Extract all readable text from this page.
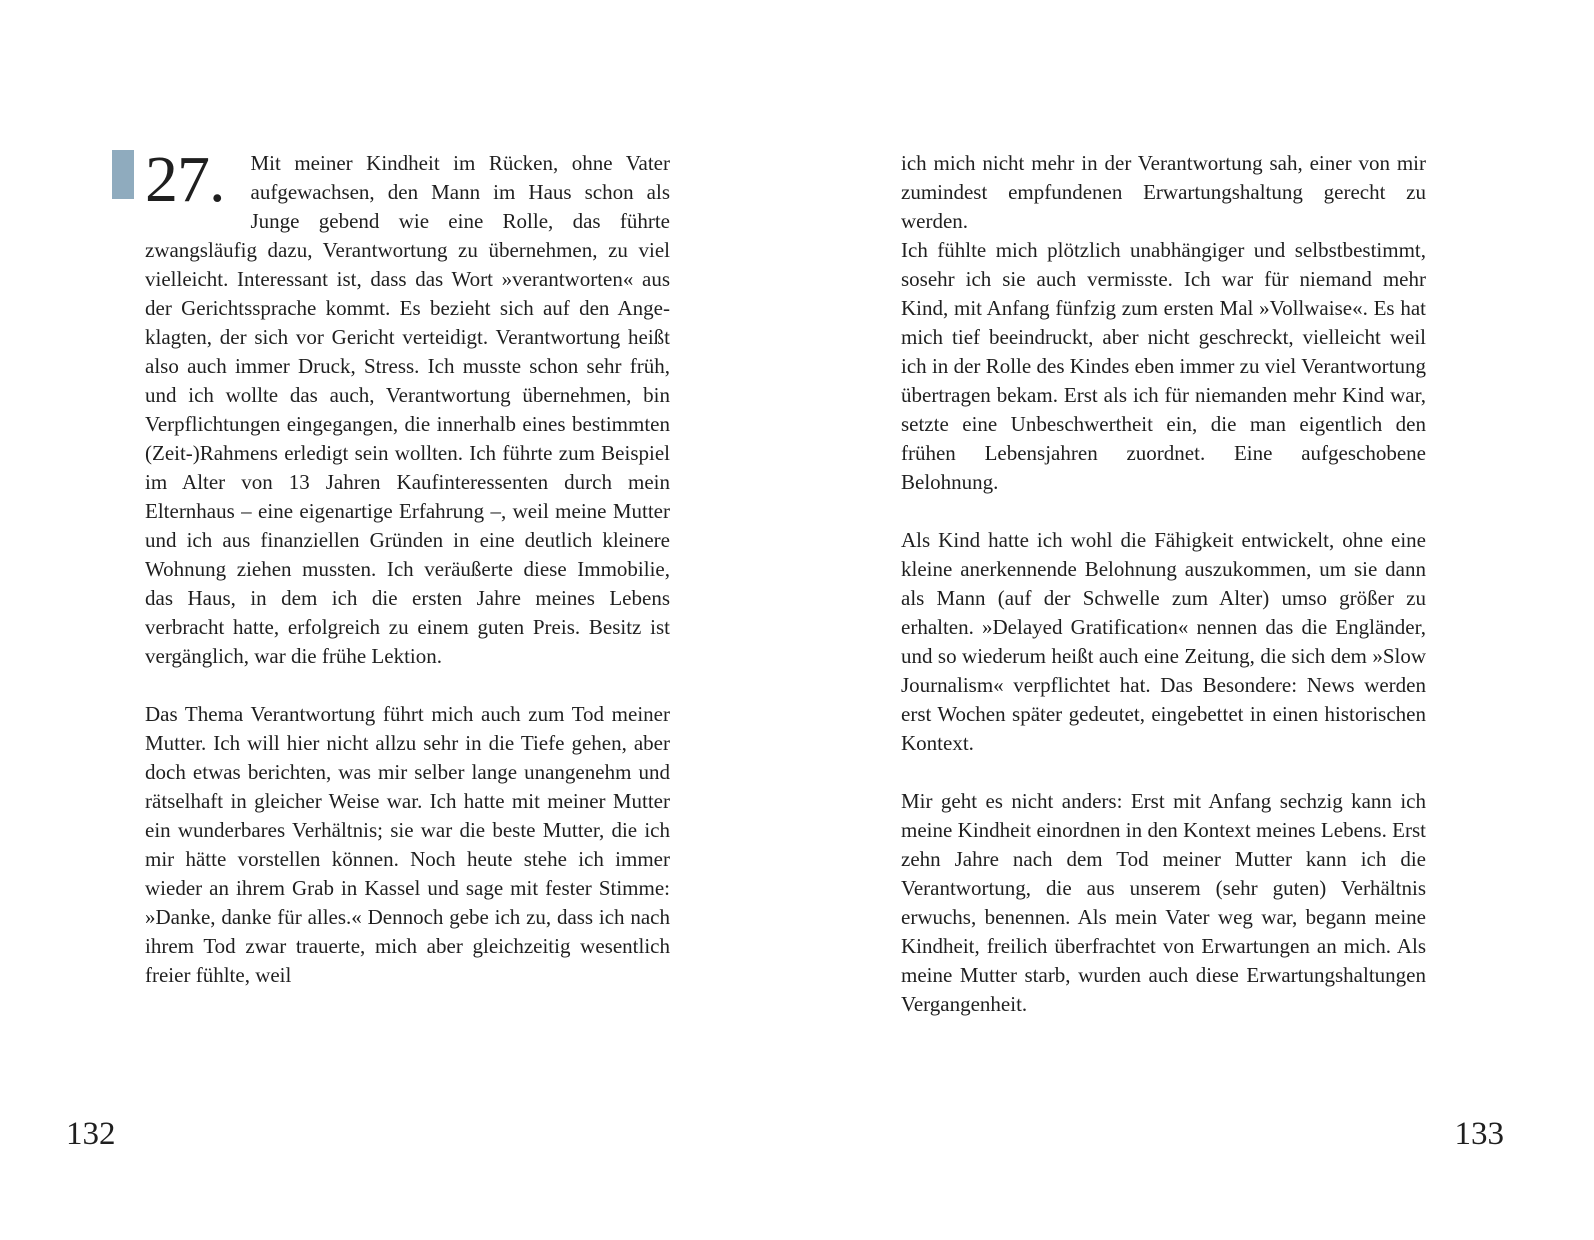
27.	Mit meiner Kindheit im Rücken, ohne Vater aufgewachsen, den Mann im Haus schon als Junge gebend wie eine Rolle, das führte zwangsläufig dazu, Verantwortung zu übernehmen, zu viel vielleicht. Interessant ist, dass das Wort »verantworten« aus der Gerichtssprache kommt. Es bezieht sich auf den Angeklagten, der sich vor Gericht verteidigt. Verantwortung heißt also auch immer Druck, Stress. Ich musste schon sehr früh, und ich wollte das auch, Verantwortung übernehmen, bin Verpflichtungen eingegangen, die innerhalb eines bestimmten (Zeit-)Rahmens erledigt sein wollten. Ich führte zum Beispiel im Alter von 13 Jahren Kaufinteressenten durch mein Elternhaus – eine eigenartige Erfahrung –, weil meine Mutter und ich aus finanziellen Gründen in eine deutlich kleinere Wohnung ziehen mussten. Ich veräußerte diese Immobilie, das Haus, in dem ich die ersten Jahre meines Lebens verbracht hatte, erfolgreich zu einem guten Preis. Besitz ist vergänglich, war die frühe Lektion.

Das Thema Verantwortung führt mich auch zum Tod meiner Mutter. Ich will hier nicht allzu sehr in die Tiefe gehen, aber doch etwas berichten, was mir selber lange unangenehm und rätselhaft in gleicher Weise war. Ich hatte mit meiner Mutter ein wunderbares Verhältnis; sie war die beste Mutter, die ich mir hätte vorstellen können. Noch heute stehe ich immer wieder an ihrem Grab in Kassel und sage mit fester Stimme: »Danke, danke für alles.« Dennoch gebe ich zu, dass ich nach ihrem Tod zwar trauerte, mich aber gleichzeitig wesentlich freier fühlte, weil

132

ich mich nicht mehr in der Verantwortung sah, einer von mir zumindest empfundenen Erwartungshaltung gerecht zu werden.

Ich fühlte mich plötzlich unabhängiger und selbstbestimmt, sosehr ich sie auch vermisste. Ich war für niemand mehr Kind, mit Anfang fünfzig zum ersten Mal »Vollwaise«. Es hat mich tief beeindruckt, aber nicht geschreckt, vielleicht weil ich in der Rolle des Kindes eben immer zu viel Verantwortung übertragen bekam. Erst als ich für niemanden mehr Kind war, setzte eine Unbeschwertheit ein, die man eigentlich den frühen Lebensjahren zuordnet. Eine aufgeschobene Belohnung.

Als Kind hatte ich wohl die Fähigkeit entwickelt, ohne eine kleine anerkennende Belohnung auszukommen, um sie dann als Mann (auf der Schwelle zum Alter) umso größer zu erhalten. »Delayed Gratification« nennen das die Engländer, und so wiederum heißt auch eine Zeitung, die sich dem »Slow Journalism« verpflichtet hat. Das Besondere: News werden erst Wochen später gedeutet, eingebettet in einen historischen Kontext.

Mir geht es nicht anders: Erst mit Anfang sechzig kann ich meine Kindheit einordnen in den Kontext meines Lebens. Erst zehn Jahre nach dem Tod meiner Mutter kann ich die Verantwortung, die aus unserem (sehr guten) Verhältnis erwuchs, benennen. Als mein Vater weg war, begann meine Kindheit, freilich überfrachtet von Erwartungen an mich. Als meine Mutter starb, wurden auch diese Erwartungshaltungen Vergangenheit.

133
